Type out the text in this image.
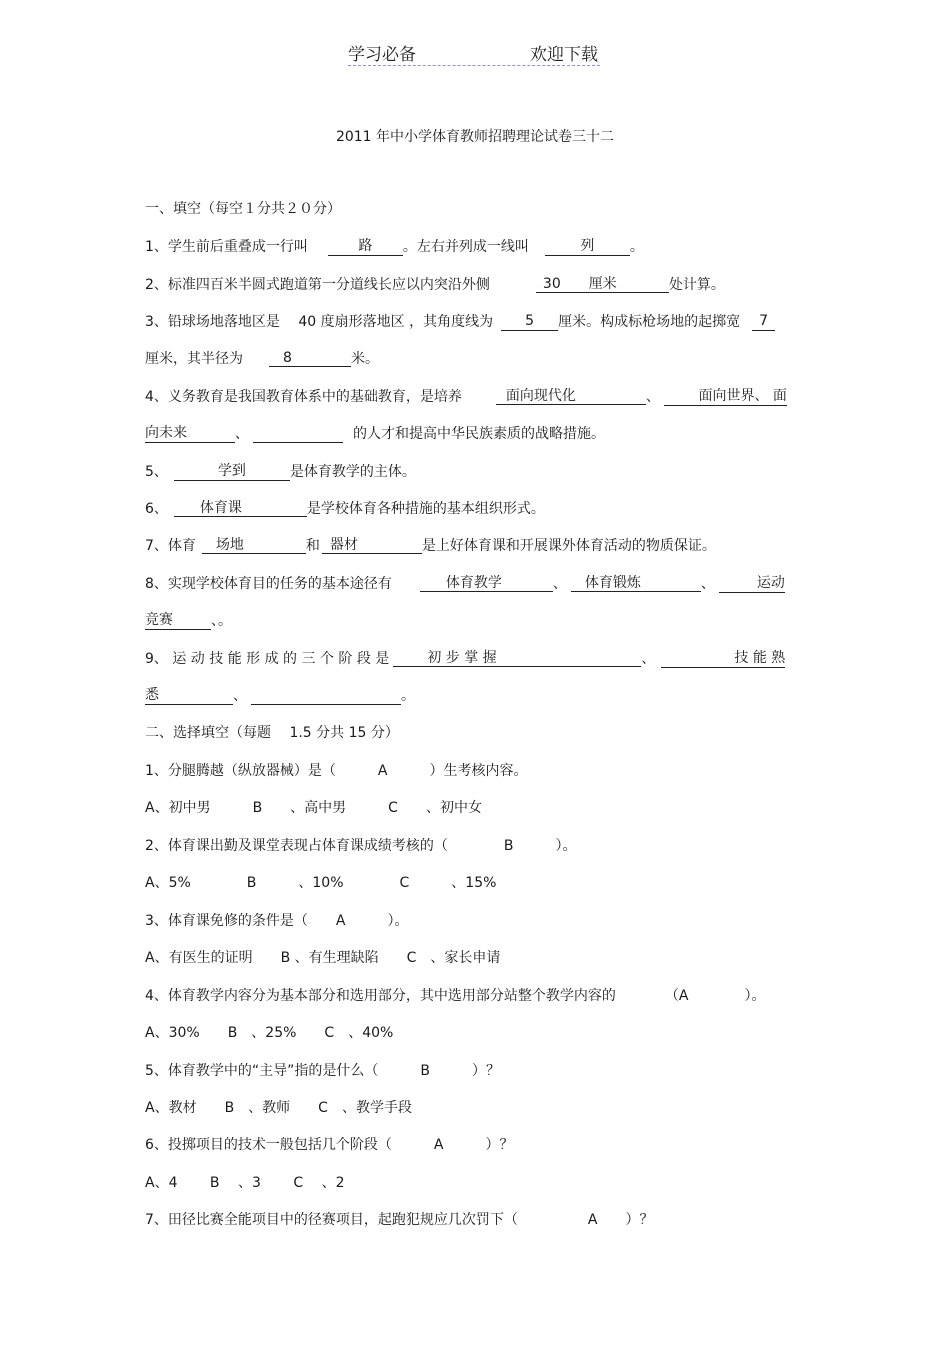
学习必备	欢迎下载
2011 年中小学体育教师招聘理论试卷三十二
一、填空（每空１分共２０分）
1、学生前后重叠成一行叫	路 。左右并列成一线叫	列	。
2、标准四百米半圆式跑道第一分道线长应以内突沿外侧	30　　厘米	处计算。
3、铅球场地落地区是　 40 度扇形落地区 ，其角度线为 5 厘米。构成标枪场地的起掷宽 7
厘米，其半径为	8	米。
4、义务教育是我国教育体系中的基础教育，是培养	面向现代化	、	面向世界、 面
向未来	、	的人才和提高中华民族素质的战略措施。
5、	学到	是体育教学的主体。
6、 体育课	是学校体育各种措施的基本组织形式。
7、体育 场地	和 器材	是上好体育课和开展课外体育活动的物质保证。
8、实现学校体育目的任务的基本途径有	体育教学	、 体育锻炼	、	运动
竞赛	、。
9、 运 动 技 能 形 成 的 三 个 阶 段 是	初 步 掌 握	、	技 能 熟
悉	、	。
二、选择填空（每题　 1.5 分共 15 分）
1、分腿腾越（纵放器械）是（　　　A　　　）生考核内容。
A、初中男　　　B　　、高中男　　　C　　、初中女
2、体育课出勤及课堂表现占体育课成绩考核的（　　　　B　　　）。
A、5%　　　　B　　　、10%　　　　C　　　、15%
3、体育课免修的条件是（　　A　　　）。
A、有医生的证明　　B 、有生理缺陷　　C　、家长申请
4、体育教学内容分为基本部分和选用部分，其中选用部分站整个教学内容的　　　　（A　　　　）。
A、30%　　B　、25%　　C　、40%
5、体育教学中的“主导”指的是什么（　　　B　　　）？
A、教材　　B　、教师　　C　、教学手段
6、投掷项目的技术一般包括几个阶段（　　　A　　　）？
A、4　　 B　 、3　　 C　 、2
7、田径比赛全能项目中的径赛项目，起跑犯规应几次罚下（　　　　　A　　）？
